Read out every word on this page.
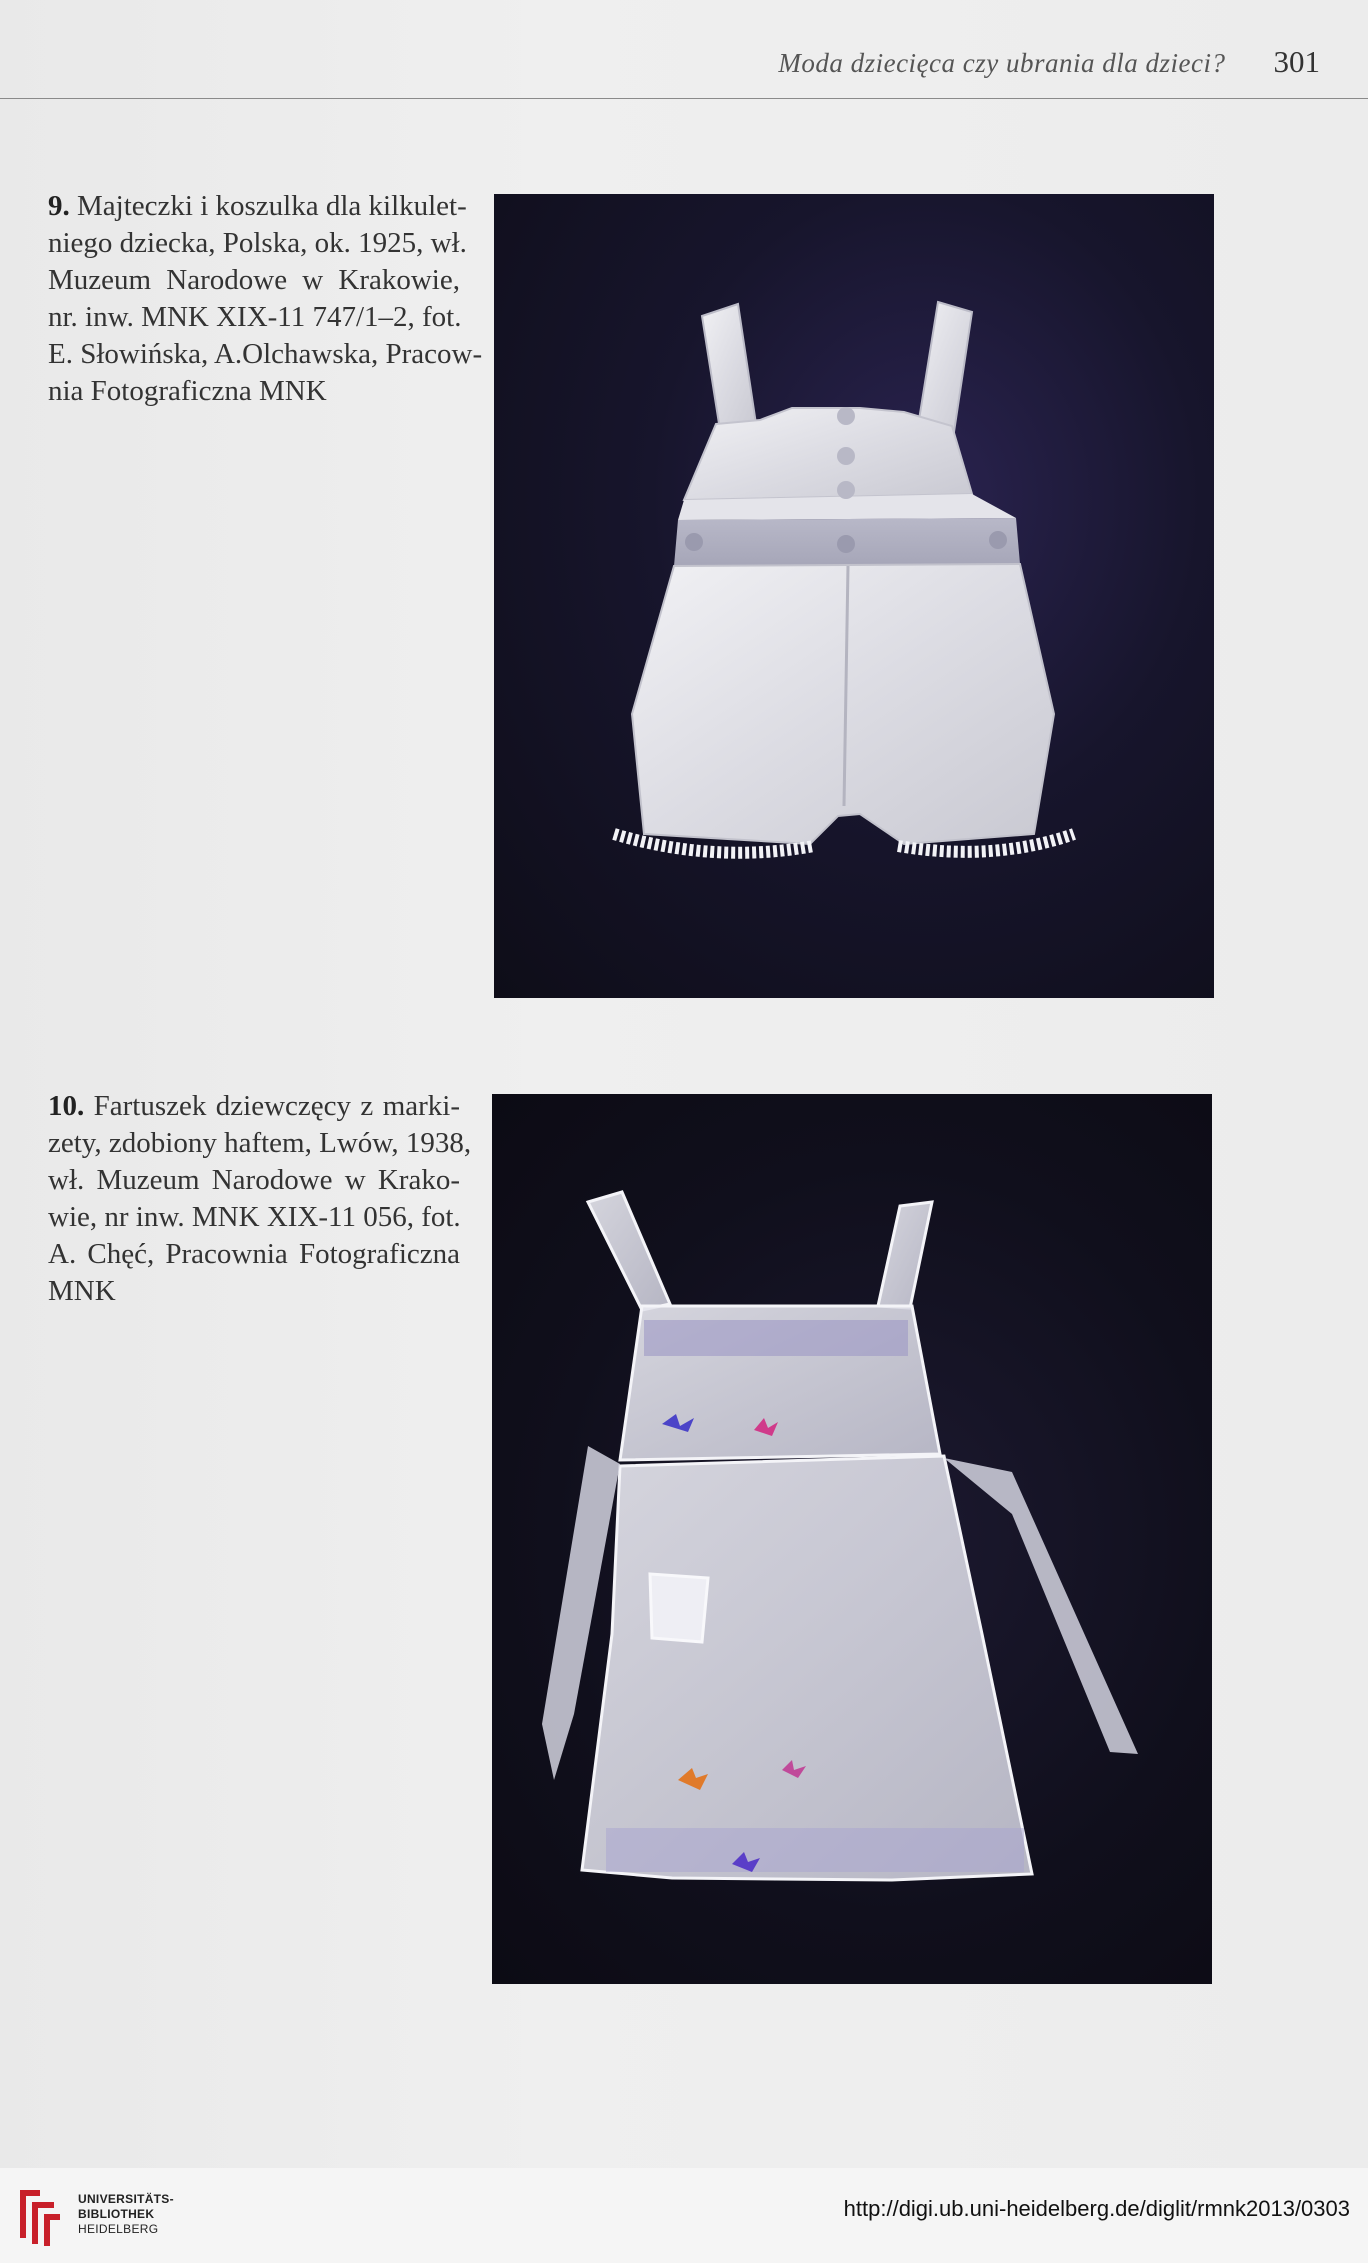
Moda dziecięca czy ubrania dla dzieci? 301
9. Majteczki i koszulka dla kilkulet-
niego dziecka, Polska, ok. 1925, wł.
Muzeum Narodowe w Krakowie,
nr. inw. MNK XIX-11 747/1–2, fot.
E. Słowińska, A.Olchawska, Pracow-
nia Fotograficzna MNK
10. Fartuszek dziewczęcy z marki-
zety, zdobiony haftem, Lwów, 1938,
wł. Muzeum Narodowe w Krako-
wie, nr inw. MNK XIX-11 056, fot.
A. Chęć, Pracownia Fotograficzna
MNK
UNIVERSITÄTS-
BIBLIOTHEK
HEIDELBERG
http://digi.ub.uni-heidelberg.de/diglit/rmnk2013/0303
